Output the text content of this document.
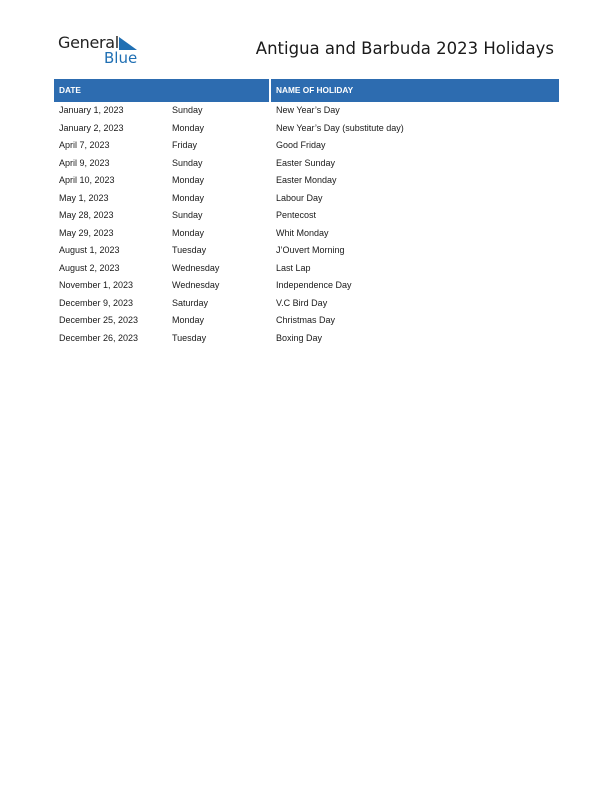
General
Blue	Antigua and Barbuda 2023 Holidays
DATE	NAME OF HOLIDAY
January 1, 2023	Sunday	New Year’s Day
January 2, 2023	Monday	New Year’s Day (substitute day)
April 7, 2023	Friday	Good Friday
April 9, 2023	Sunday	Easter Sunday
April 10, 2023	Monday	Easter Monday
May 1, 2023	Monday	Labour Day
May 28, 2023	Sunday	Pentecost
May 29, 2023	Monday	Whit Monday
August 1, 2023	Tuesday	J’Ouvert Morning
August 2, 2023	Wednesday	Last Lap
November 1, 2023	Wednesday	Independence Day
December 9, 2023	Saturday	V.C Bird Day
December 25, 2023	Monday	Christmas Day
December 26, 2023	Tuesday	Boxing Day
